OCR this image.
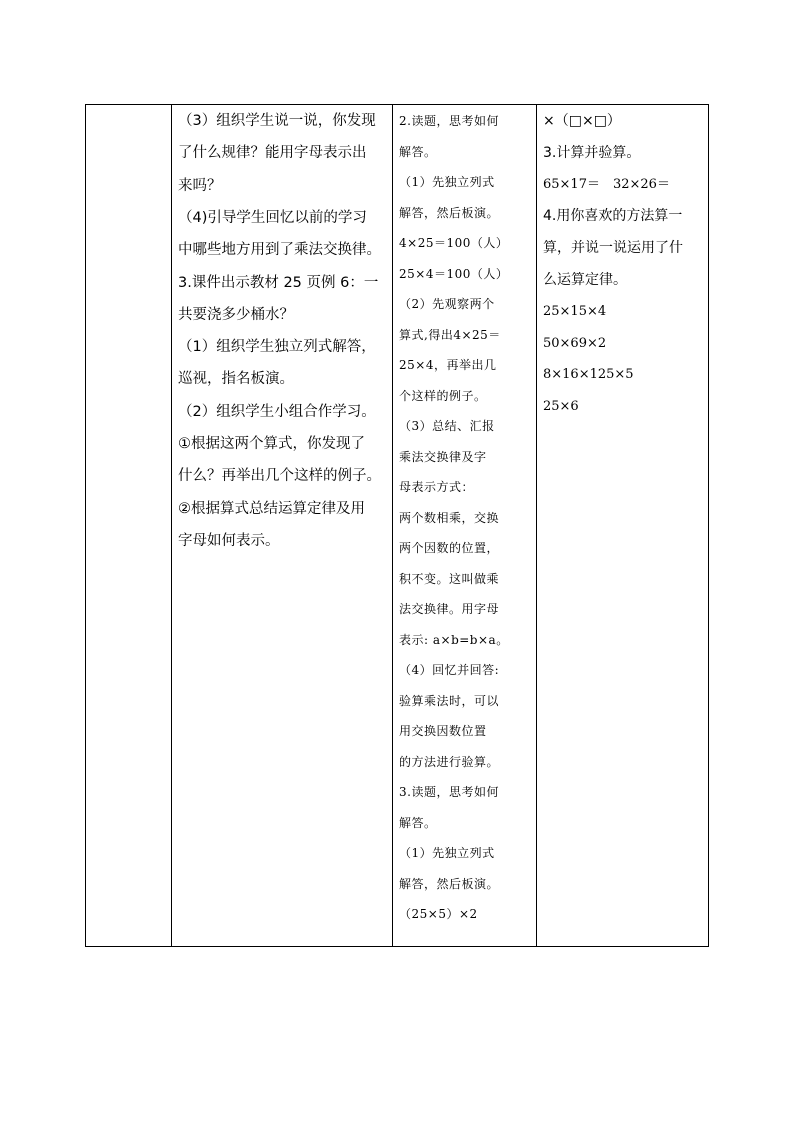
（3）组织学生说一说，你发现
了什么规律？能用字母表示出
来吗？
（4)引导学生回忆以前的学习
中哪些地方用到了乘法交换律。
3.课件出示教材 25 页例 6：一
共要浇多少桶水？
（1）组织学生独立列式解答，
巡视，指名板演。
（2）组织学生小组合作学习。
①根据这两个算式，你发现了
什么？再举出几个这样的例子。
②根据算式总结运算定律及用
字母如何表示。
2.读题，思考如何
解答。
（1）先独立列式
解答，然后板演。
4×25＝100（人）
25×4＝100（人）
（2）先观察两个
算式,得出4×25＝
25×4，再举出几
个这样的例子。
（3）总结、汇报
乘法交换律及字
母表示方式：
两个数相乘，交换
两个因数的位置，
积不变。这叫做乘
法交换律。用字母
表示: a×b=b×a。
（4）回忆并回答:
验算乘法时，可以
用交换因数位置
的方法进行验算。
3.读题，思考如何
解答。
（1）先独立列式
解答，然后板演。
（25×5）×2
×（□×□）
3.计算并验算。
65×17＝　32×26＝
4.用你喜欢的方法算一
算，并说一说运用了什
么运算定律。
25×15×4
50×69×2
8×16×125×5
25×6
